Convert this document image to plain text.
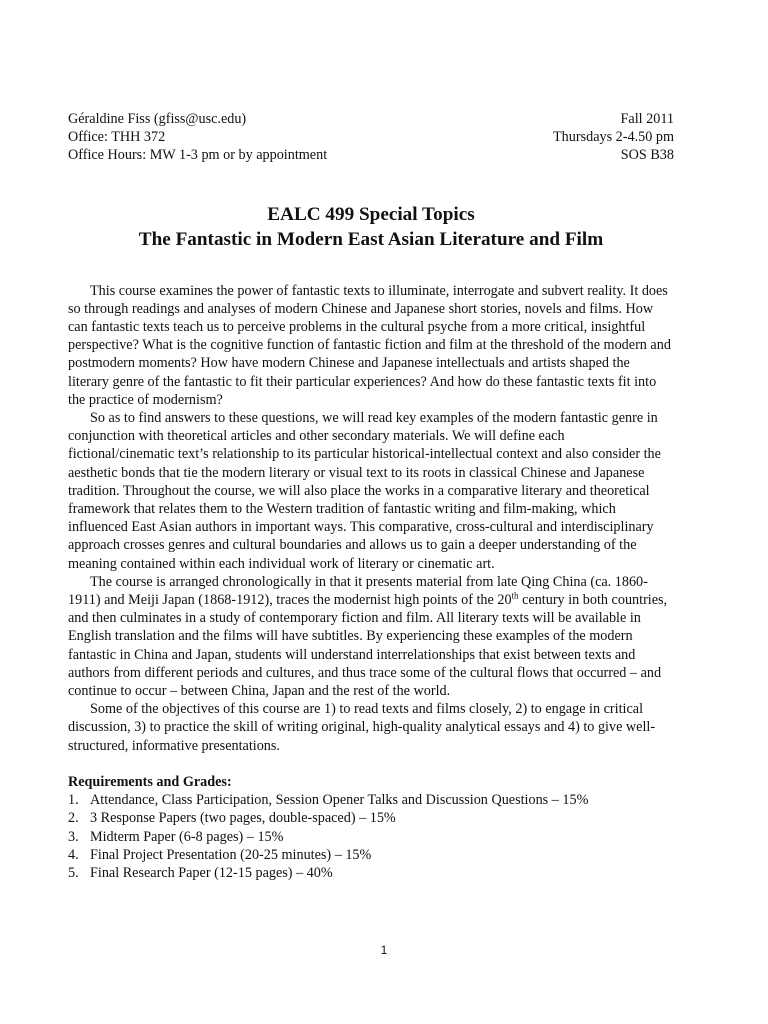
Géraldine Fiss (gfiss@usc.edu)
Office: THH 372
Office Hours: MW 1-3 pm or by appointment
Fall 2011
Thursdays 2-4.50 pm
SOS B38
EALC 499 Special Topics
The Fantastic in Modern East Asian Literature and Film

This course examines the power of fantastic texts to illuminate, interrogate and subvert reality. It does so through readings and analyses of modern Chinese and Japanese short stories, novels and films. How can fantastic texts teach us to perceive problems in the cultural psyche from a more critical, insightful perspective? What is the cognitive function of fantastic fiction and film at the threshold of the modern and postmodern moments? How have modern Chinese and Japanese intellectuals and artists shaped the literary genre of the fantastic to fit their particular experiences? And how do these fantastic texts fit into the practice of modernism?

So as to find answers to these questions, we will read key examples of the modern fantastic genre in conjunction with theoretical articles and other secondary materials. We will define each fictional/cinematic text’s relationship to its particular historical-intellectual context and also consider the aesthetic bonds that tie the modern literary or visual text to its roots in classical Chinese and Japanese tradition. Throughout the course, we will also place the works in a comparative literary and theoretical framework that relates them to the Western tradition of fantastic writing and film-making, which influenced East Asian authors in important ways. This comparative, cross-cultural and interdisciplinary approach crosses genres and cultural boundaries and allows us to gain a deeper understanding of the meaning contained within each individual work of literary or cinematic art.

The course is arranged chronologically in that it presents material from late Qing China (ca. 1860-1911) and Meiji Japan (1868-1912), traces the modernist high points of the 20th century in both countries, and then culminates in a study of contemporary fiction and film. All literary texts will be available in English translation and the films will have subtitles. By experiencing these examples of the modern fantastic in China and Japan, students will understand interrelationships that exist between texts and authors from different periods and cultures, and thus trace some of the cultural flows that occurred – and continue to occur – between China, Japan and the rest of the world.

Some of the objectives of this course are 1) to read texts and films closely, 2) to engage in critical discussion, 3) to practice the skill of writing original, high-quality analytical essays and 4) to give well-structured, informative presentations.

Requirements and Grades:
1. Attendance, Class Participation, Session Opener Talks and Discussion Questions – 15%
2. 3 Response Papers (two pages, double-spaced) – 15%
3. Midterm Paper (6-8 pages) – 15%
4. Final Project Presentation (20-25 minutes) – 15%
5. Final Research Paper (12-15 pages) – 40%
1
